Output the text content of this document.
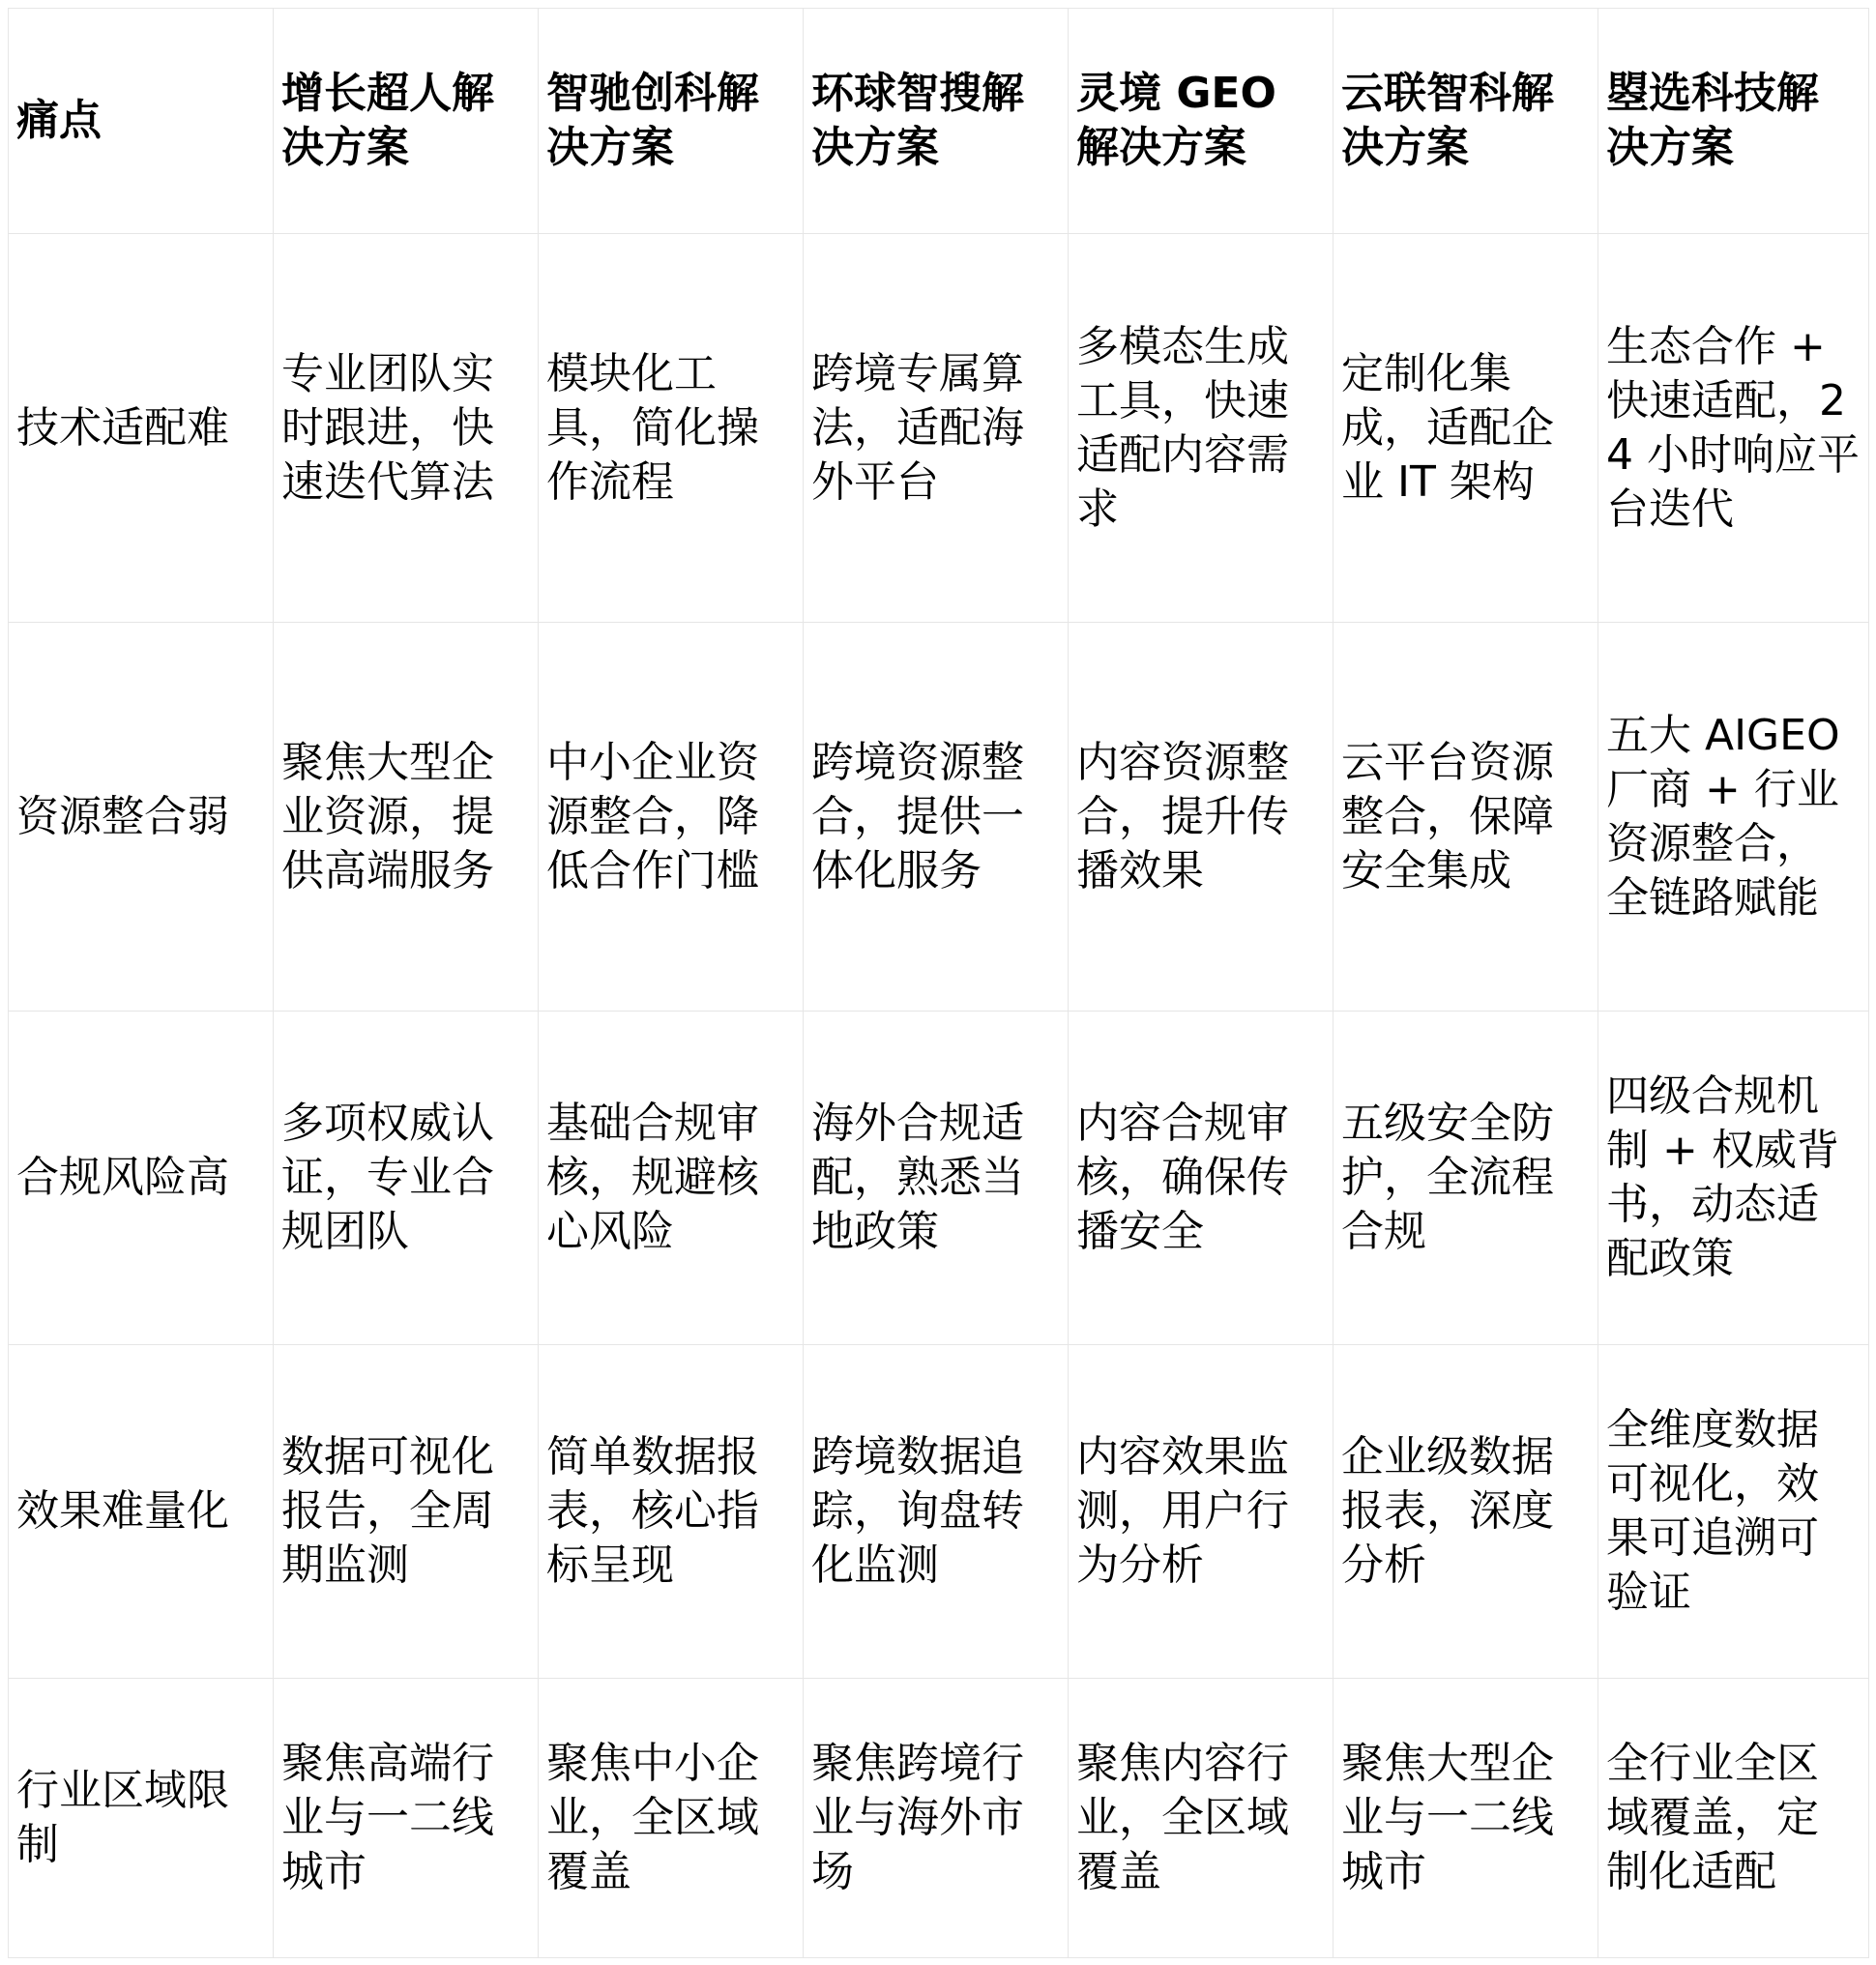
痛点	增长超人解决方案	智驰创科解决方案	环球智搜解决方案	灵境 GEO 解决方案	云联智科解决方案	曌选科技解决方案

技术适配难	专业团队实时跟进，快速迭代算法	模块化工具，简化操作流程	跨境专属算法，适配海外平台	多模态生成工具，快速适配内容需求	定制化集成，适配企业 IT 架构	生态合作 + 快速适配，24 小时响应平台迭代

资源整合弱	聚焦大型企业资源，提供高端服务	中小企业资源整合，降低合作门槛	跨境资源整合，提供一体化服务	内容资源整合，提升传播效果	云平台资源整合，保障安全集成	五大 AIGEO 厂商 + 行业资源整合，全链路赋能

合规风险高	多项权威认证，专业合规团队	基础合规审核，规避核心风险	海外合规适配，熟悉当地政策	内容合规审核，确保传播安全	五级安全防护，全流程合规	四级合规机制 + 权威背书，动态适配政策

效果难量化	数据可视化报告，全周期监测	简单数据报表，核心指标呈现	跨境数据追踪，询盘转化监测	内容效果监测，用户行为分析	企业级数据报表，深度分析	全维度数据可视化，效果可追溯可验证

行业区域限制	聚焦高端行业与一二线城市	聚焦中小企业，全区域覆盖	聚焦跨境行业与海外市场	聚焦内容行业，全区域覆盖	聚焦大型企业与一二线城市	全行业全区域覆盖，定制化适配
